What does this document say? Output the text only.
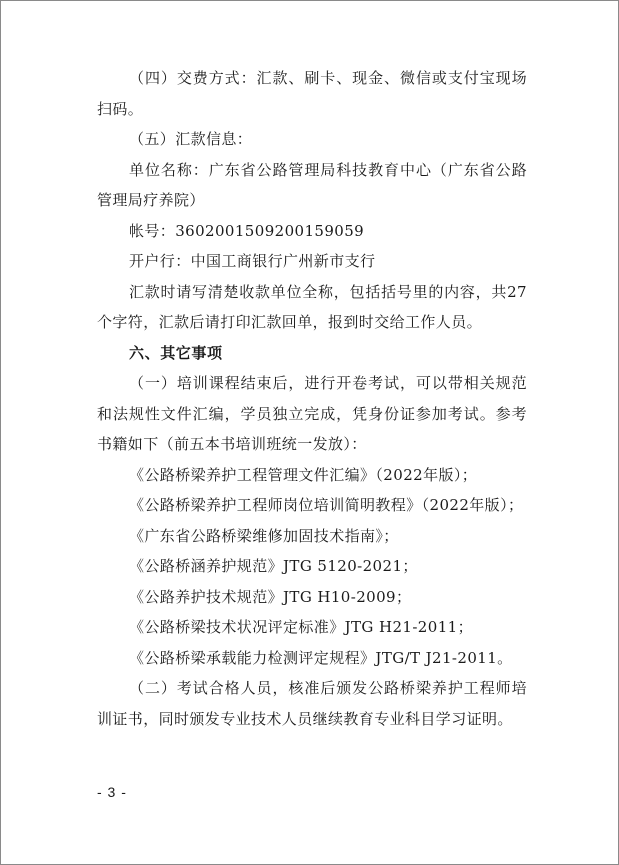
（四）交费方式：汇款、刷卡、现金、微信或支付宝现场扫码。

（五）汇款信息：

单位名称：广东省公路管理局科技教育中心（广东省公路管理局疗养院）

帐号：3602001509200159059

开户行：中国工商银行广州新市支行

汇款时请写清楚收款单位全称，包括括号里的内容，共27个字符，汇款后请打印汇款回单，报到时交给工作人员。

六、其它事项

（一）培训课程结束后，进行开卷考试，可以带相关规范和法规性文件汇编，学员独立完成，凭身份证参加考试。参考书籍如下（前五本书培训班统一发放）：

《公路桥梁养护工程管理文件汇编》（2022年版）；

《公路桥梁养护工程师岗位培训简明教程》（2022年版）；

《广东省公路桥梁维修加固技术指南》；

《公路桥涵养护规范》JTG 5120-2021；

《公路养护技术规范》JTG H10-2009；

《公路桥梁技术状况评定标准》JTG H21-2011；

《公路桥梁承载能力检测评定规程》JTG/T J21-2011。

（二）考试合格人员，核准后颁发公路桥梁养护工程师培训证书，同时颁发专业技术人员继续教育专业科目学习证明。

- 3 -
